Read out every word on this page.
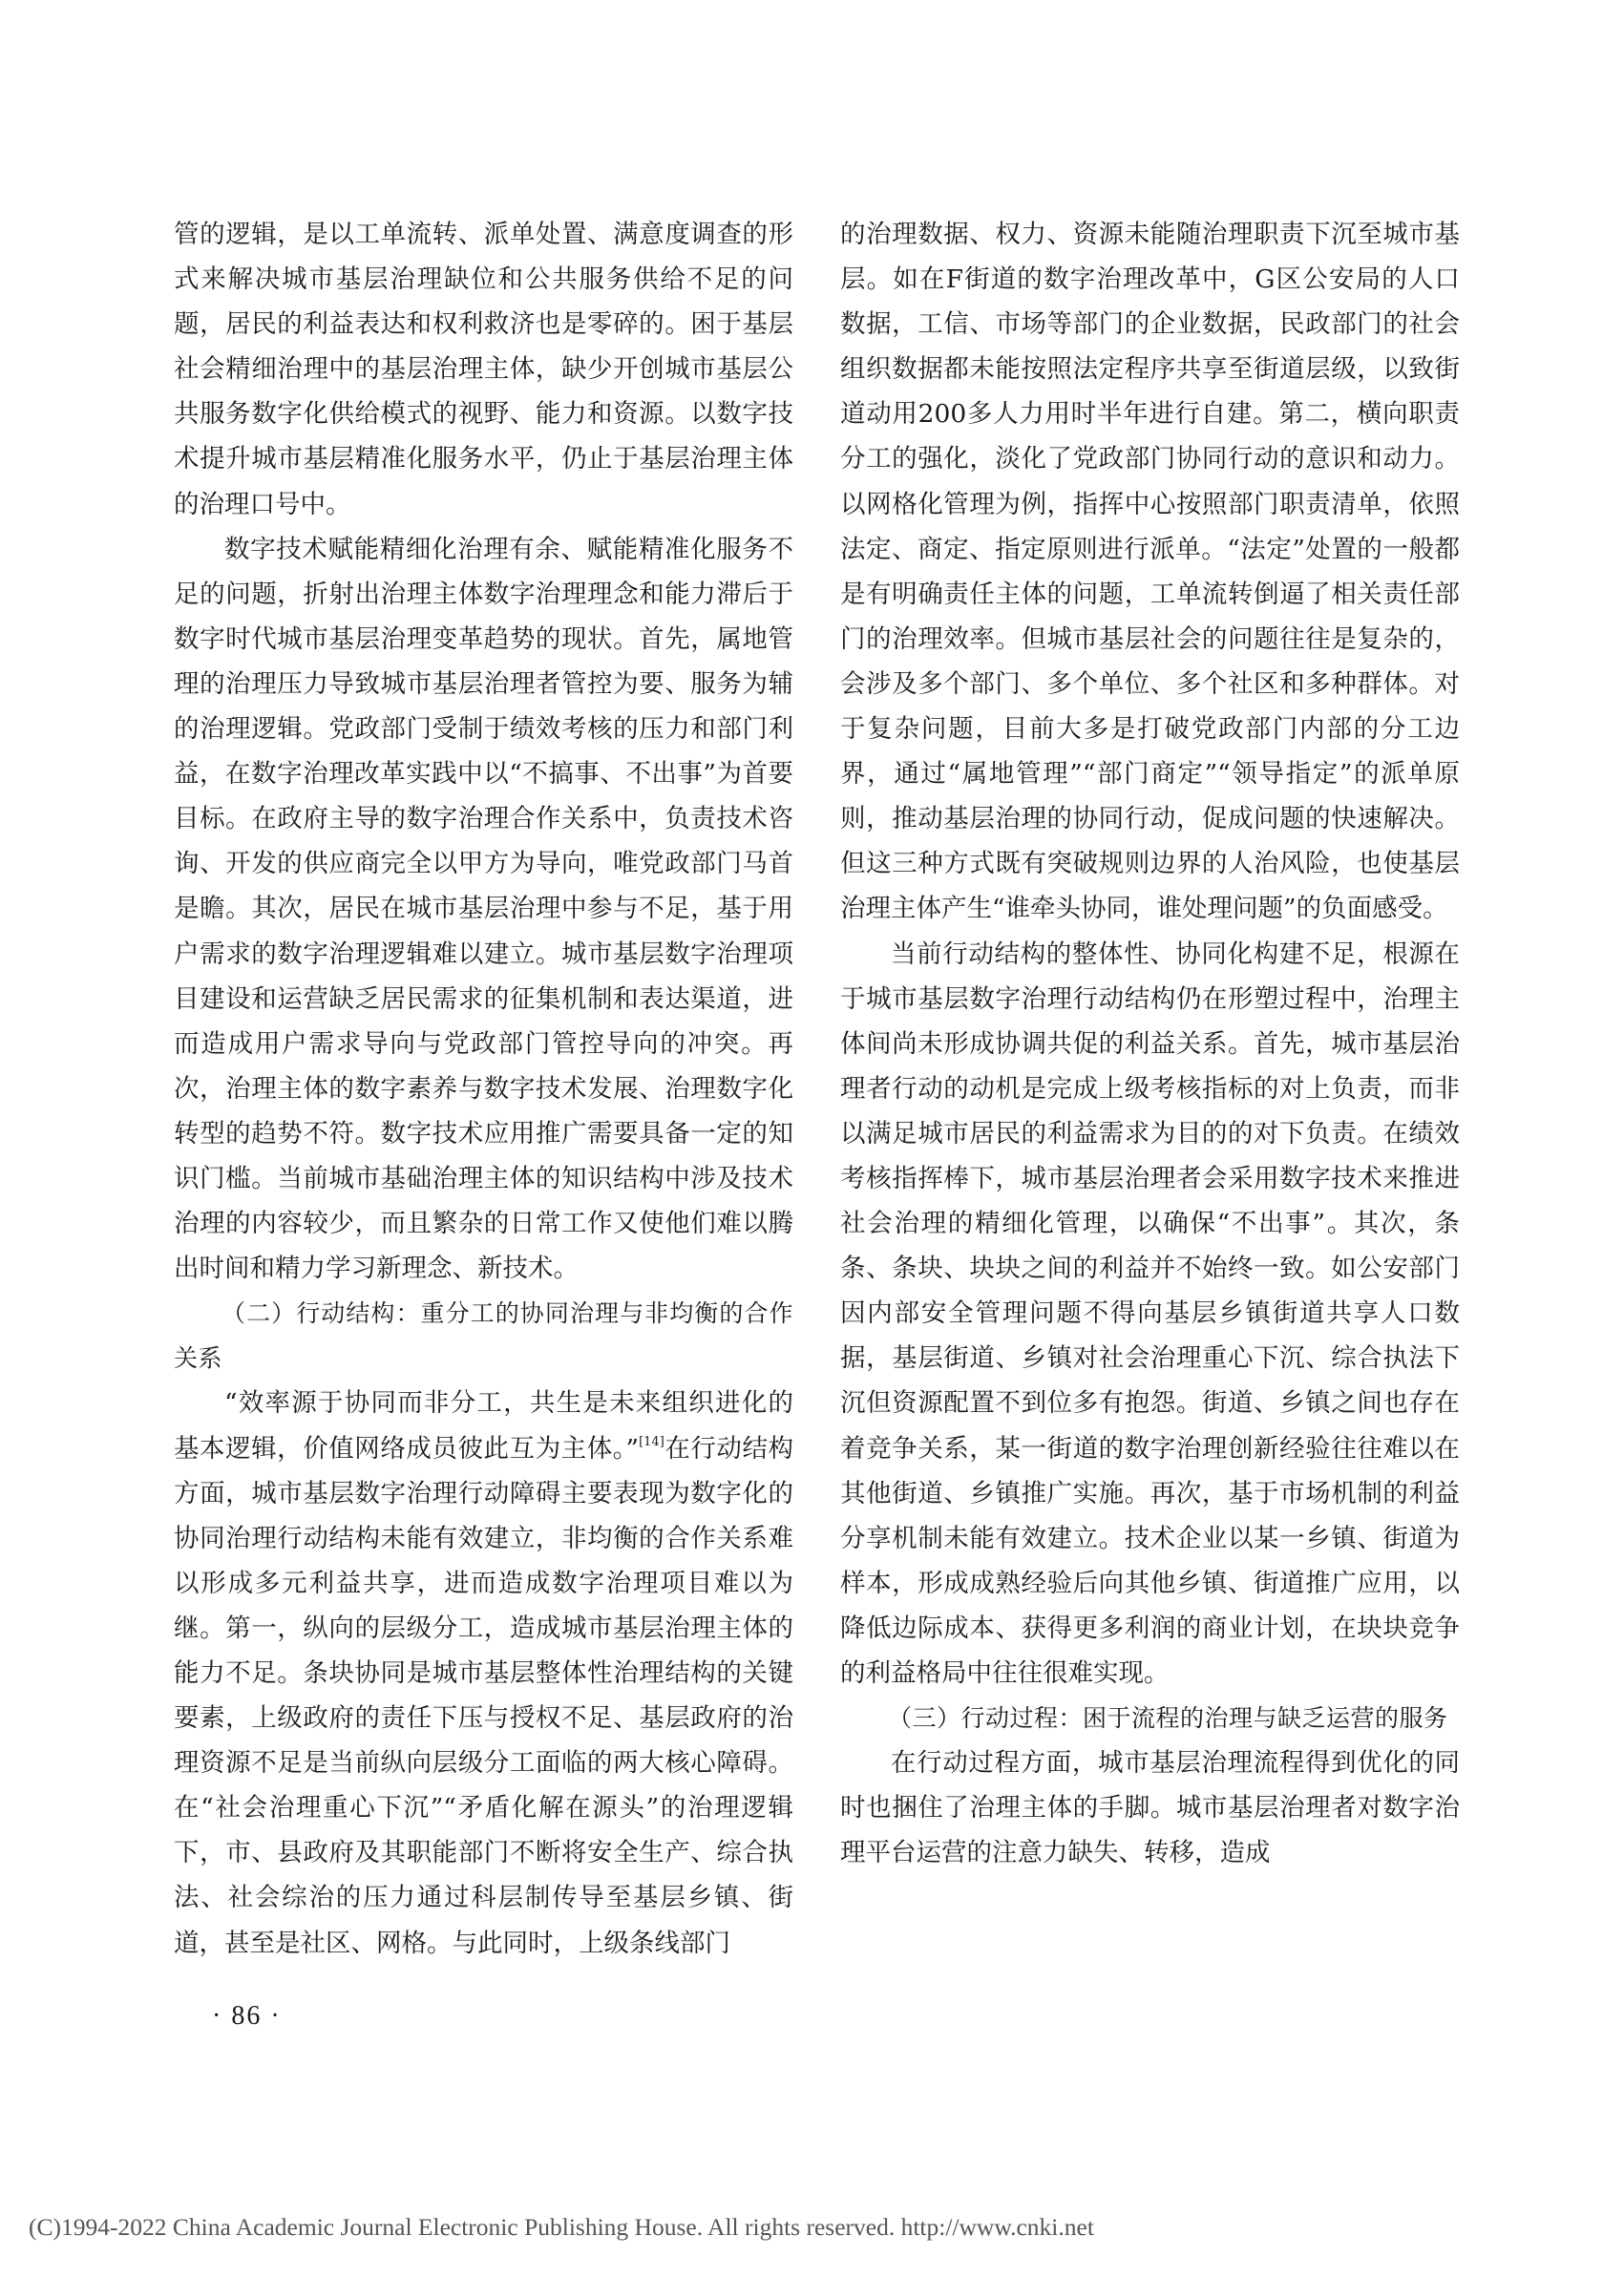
管的逻辑，是以工单流转、派单处置、满意度调查的形式来解决城市基层治理缺位和公共服务供给不足的问题，居民的利益表达和权利救济也是零碎的。困于基层社会精细治理中的基层治理主体，缺少开创城市基层公共服务数字化供给模式的视野、能力和资源。以数字技术提升城市基层精准化服务水平，仍止于基层治理主体的治理口号中。

数字技术赋能精细化治理有余、赋能精准化服务不足的问题，折射出治理主体数字治理理念和能力滞后于数字时代城市基层治理变革趋势的现状。首先，属地管理的治理压力导致城市基层治理者管控为要、服务为辅的治理逻辑。党政部门受制于绩效考核的压力和部门利益，在数字治理改革实践中以“不搞事、不出事”为首要目标。在政府主导的数字治理合作关系中，负责技术咨询、开发的供应商完全以甲方为导向，唯党政部门马首是瞻。其次，居民在城市基层治理中参与不足，基于用户需求的数字治理逻辑难以建立。城市基层数字治理项目建设和运营缺乏居民需求的征集机制和表达渠道，进而造成用户需求导向与党政部门管控导向的冲突。再次，治理主体的数字素养与数字技术发展、治理数字化转型的趋势不符。数字技术应用推广需要具备一定的知识门槛。当前城市基础治理主体的知识结构中涉及技术治理的内容较少，而且繁杂的日常工作又使他们难以腾出时间和精力学习新理念、新技术。

（二）行动结构：重分工的协同治理与非均衡的合作关系

“效率源于协同而非分工，共生是未来组织进化的基本逻辑，价值网络成员彼此互为主体。”[14]在行动结构方面，城市基层数字治理行动障碍主要表现为数字化的协同治理行动结构未能有效建立，非均衡的合作关系难以形成多元利益共享，进而造成数字治理项目难以为继。第一，纵向的层级分工，造成城市基层治理主体的能力不足。条块协同是城市基层整体性治理结构的关键要素，上级政府的责任下压与授权不足、基层政府的治理资源不足是当前纵向层级分工面临的两大核心障碍。在“社会治理重心下沉”“矛盾化解在源头”的治理逻辑下，市、县政府及其职能部门不断将安全生产、综合执法、社会综治的压力通过科层制传导至基层乡镇、街道，甚至是社区、网格。与此同时，上级条线部门

的治理数据、权力、资源未能随治理职责下沉至城市基层。如在F街道的数字治理改革中，G区公安局的人口数据，工信、市场等部门的企业数据，民政部门的社会组织数据都未能按照法定程序共享至街道层级，以致街道动用200多人力用时半年进行自建。第二，横向职责分工的强化，淡化了党政部门协同行动的意识和动力。以网格化管理为例，指挥中心按照部门职责清单，依照法定、商定、指定原则进行派单。“法定”处置的一般都是有明确责任主体的问题，工单流转倒逼了相关责任部门的治理效率。但城市基层社会的问题往往是复杂的，会涉及多个部门、多个单位、多个社区和多种群体。对于复杂问题，目前大多是打破党政部门内部的分工边界，通过“属地管理”“部门商定”“领导指定”的派单原则，推动基层治理的协同行动，促成问题的快速解决。但这三种方式既有突破规则边界的人治风险，也使基层治理主体产生“谁牵头协同，谁处理问题”的负面感受。

当前行动结构的整体性、协同化构建不足，根源在于城市基层数字治理行动结构仍在形塑过程中，治理主体间尚未形成协调共促的利益关系。首先，城市基层治理者行动的动机是完成上级考核指标的对上负责，而非以满足城市居民的利益需求为目的的对下负责。在绩效考核指挥棒下，城市基层治理者会采用数字技术来推进社会治理的精细化管理，以确保“不出事”。其次，条条、条块、块块之间的利益并不始终一致。如公安部门因内部安全管理问题不得向基层乡镇街道共享人口数据，基层街道、乡镇对社会治理重心下沉、综合执法下沉但资源配置不到位多有抱怨。街道、乡镇之间也存在着竞争关系，某一街道的数字治理创新经验往往难以在其他街道、乡镇推广实施。再次，基于市场机制的利益分享机制未能有效建立。技术企业以某一乡镇、街道为样本，形成成熟经验后向其他乡镇、街道推广应用，以降低边际成本、获得更多利润的商业计划，在块块竞争的利益格局中往往很难实现。

（三）行动过程：困于流程的治理与缺乏运营的服务

在行动过程方面，城市基层治理流程得到优化的同时也捆住了治理主体的手脚。城市基层治理者对数字治理平台运营的注意力缺失、转移，造成

· 86 ·
(C)1994-2022 China Academic Journal Electronic Publishing House. All rights reserved. http://www.cnki.net
